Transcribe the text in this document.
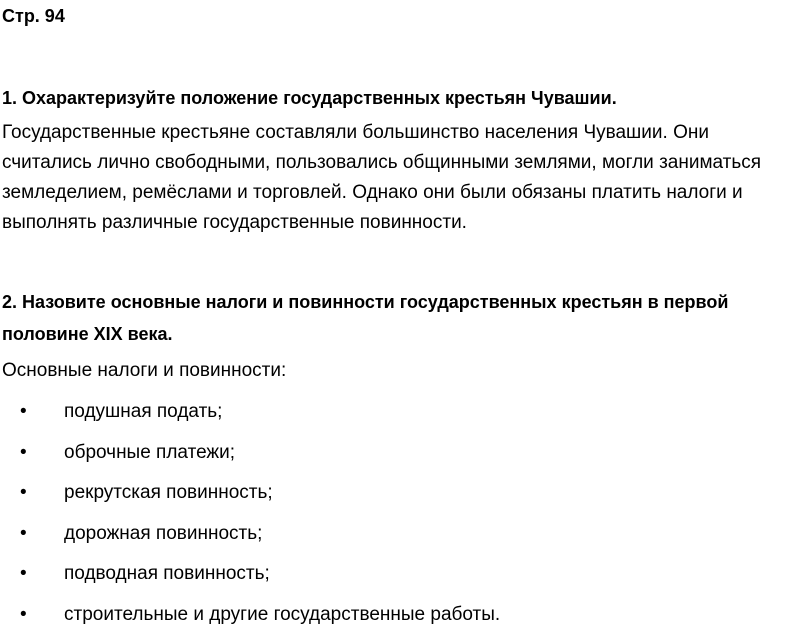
Стр. 94

1. Охарактеризуйте положение государственных крестьян Чувашии.

Государственные крестьяне составляли большинство населения Чувашии. Они считались лично свободными, пользовались общинными землями, могли заниматься земледелием, ремёслами и торговлей. Однако они были обязаны платить налоги и выполнять различные государственные повинности.

2. Назовите основные налоги и повинности государственных крестьян в первой половине XIX века.

Основные налоги и повинности:

• подушная подать;
• оброчные платежи;
• рекрутская повинность;
• дорожная повинность;
• подводная повинность;
• строительные и другие государственные работы.
